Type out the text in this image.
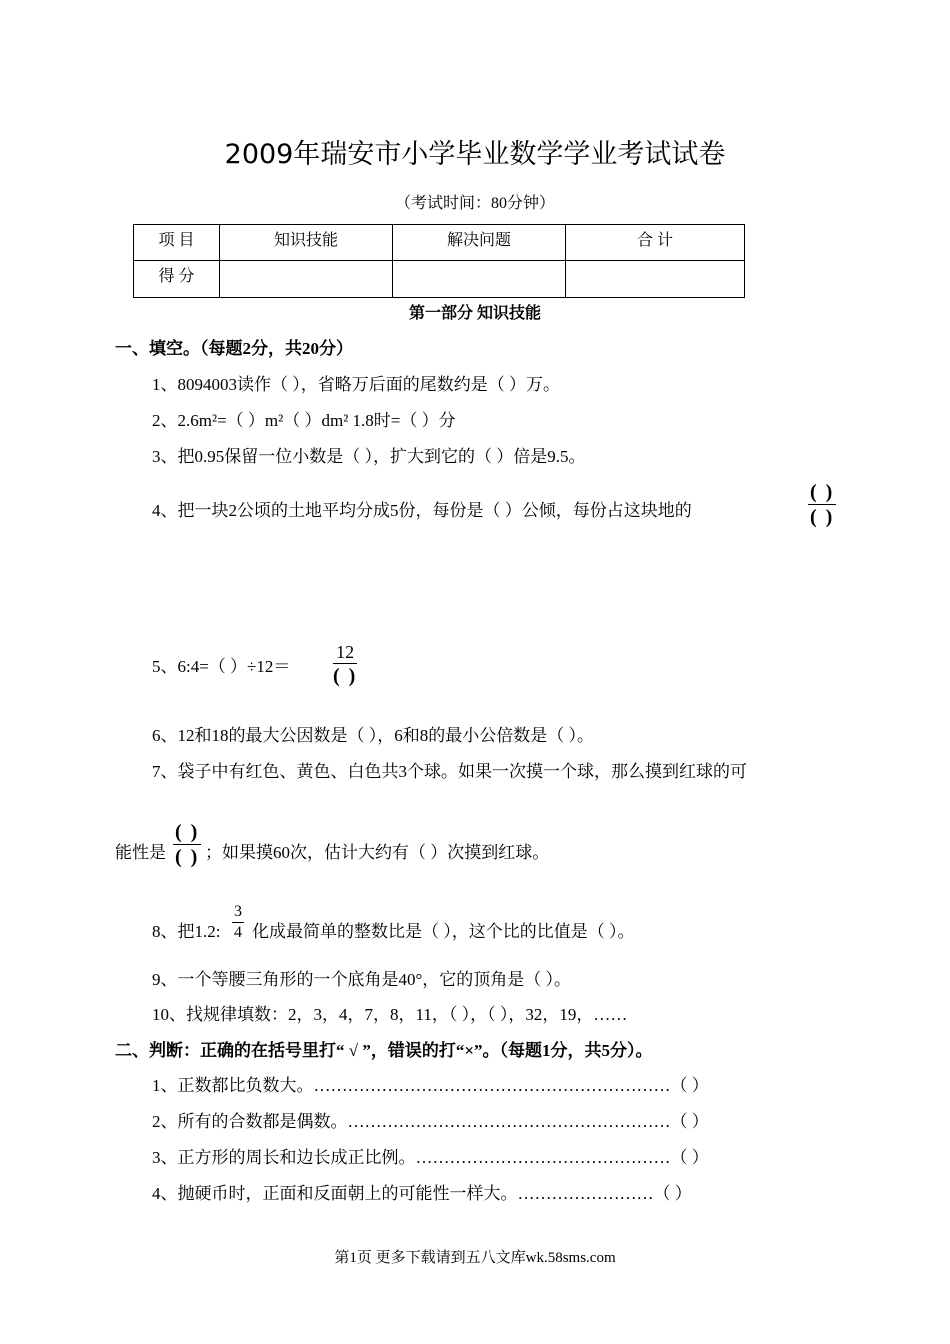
2009年瑞安市小学毕业数学学业考试试卷
（考试时间：80分钟）
项 目	知识技能	解决问题	合 计
得 分			
第一部分 知识技能
一、填空。（每题2分，共20分）
1、8094003读作（ ），省略万后面的尾数约是（ ）万。
2、2.6m²=（ ）m²（ ）dm² 1.8时=（ ）分
3、把0.95保留一位小数是（ ），扩大到它的（ ）倍是9.5。
4、把一块2公顷的土地平均分成5份，每份是（ ）公倾，每份占这块地的
( )
( )
5、6:4=（ ）÷12＝
12
( )
6、12和18的最大公因数是（ ），6和8的最小公倍数是（ ）。
7、袋子中有红色、黄色、白色共3个球。如果一次摸一个球，那么摸到红球的可
能性是
( )
( ) ；如果摸60次，估计大约有（ ）次摸到红球。
8、把1.2: $\frac{3}{4}$ 化成最简单的整数比是（ ），这个比的比值是（ ）。
9、一个等腰三角形的一个底角是40°，它的顶角是（ ）。
10、找规律填数：2，3，4，7，8，11，（ ），（ ），32，19，……
二、判断：正确的在括号里打“ √ ”，错误的打“×”。（每题1分，共5分）。
1、正数都比负数大。………………………………………………………（ ）
2、所有的合数都是偶数。…………………………………………………（ ）
3、正方形的周长和边长成正比例。………………………………………（ ）
4、抛硬币时，正面和反面朝上的可能性一样大。……………………（ ）
第1页 更多下载请到五八文库wk.58sms.com
